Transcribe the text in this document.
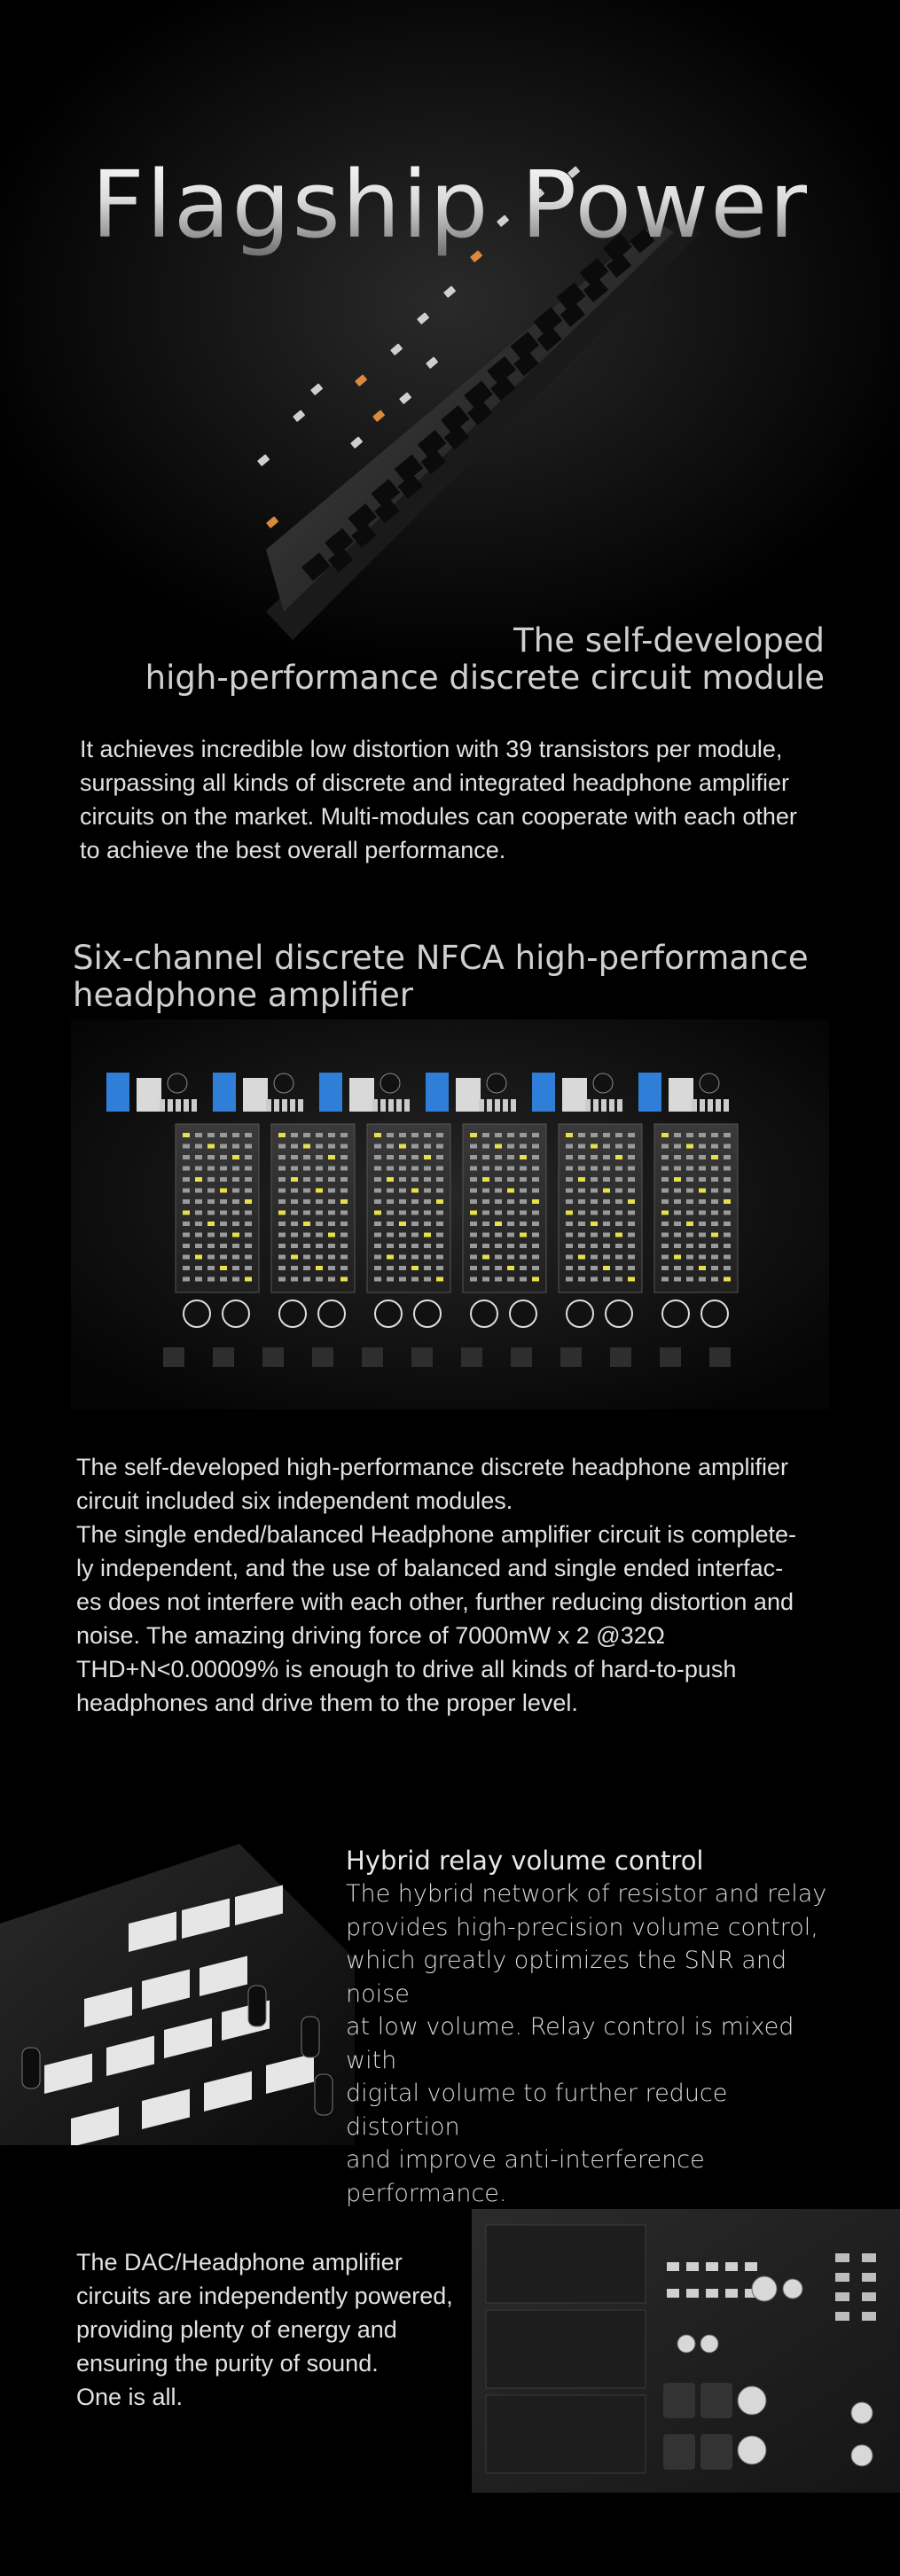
Flagship Power
The self-developed
high-performance discrete circuit module
It achieves incredible low distortion with 39 transistors per module,
surpassing all kinds of discrete and integrated headphone amplifier
circuits on the market. Multi-modules can cooperate with each other
to achieve the best overall performance.
Six-channel discrete NFCA high-performance
headphone amplifier
The self-developed high-performance discrete headphone amplifier
circuit included six independent modules.
The single ended/balanced Headphone amplifier circuit is complete-
ly independent, and the use of balanced and single ended interfac-
es does not interfere with each other, further reducing distortion and
noise. The amazing driving force of 7000mW x 2 @32Ω
THD+N<0.00009% is enough to drive all kinds of hard-to-push
headphones and drive them to the proper level.
Hybrid relay volume control
The hybrid network of resistor and relay
provides high-precision volume control,
which greatly optimizes the SNR and noise
at low volume. Relay control is mixed with
digital volume to further reduce distortion
and improve anti-interference
performance.
The DAC/Headphone amplifier
circuits are independently powered,
providing plenty of energy and
ensuring the purity of sound.
One is all.
